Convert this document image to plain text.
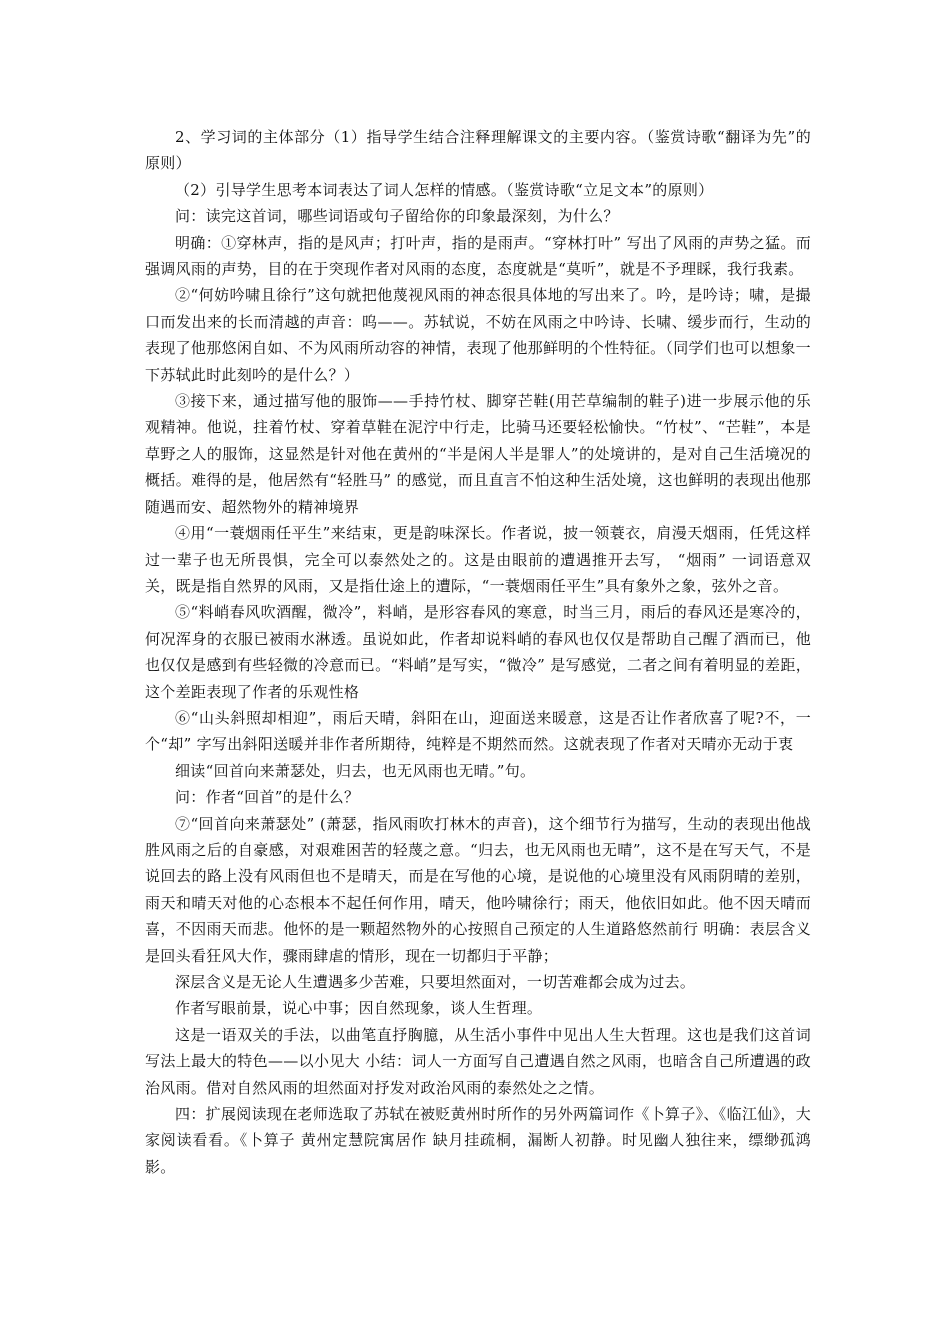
2、学习词的主体部分（1）指导学生结合注释理解课文的主要内容。（鉴赏诗歌“翻译为先”的原则）

（2）引导学生思考本词表达了词人怎样的情感。（鉴赏诗歌“立足文本”的原则）

问：读完这首词，哪些词语或句子留给你的印象最深刻，为什么？

明确：①穿林声，指的是风声；打叶声，指的是雨声。“穿林打叶” 写出了风雨的声势之猛。而强调风雨的声势，目的在于突现作者对风雨的态度，态度就是“莫听”，就是不予理睬，我行我素。

②“何妨吟啸且徐行”这句就把他蔑视风雨的神态很具体地的写出来了。吟，是吟诗；啸，是撮口而发出来的长而清越的声音：呜——。苏轼说，不妨在风雨之中吟诗、长啸、缓步而行，生动的表现了他那悠闲自如、不为风雨所动容的神情，表现了他那鲜明的个性特征。（同学们也可以想象一下苏轼此时此刻吟的是什么？）

③接下来，通过描写他的服饰——手持竹杖、脚穿芒鞋(用芒草编制的鞋子)进一步展示他的乐观精神。他说，拄着竹杖、穿着草鞋在泥泞中行走，比骑马还要轻松愉快。“竹杖”、“芒鞋”，本是草野之人的服饰，这显然是针对他在黄州的“半是闲人半是罪人”的处境讲的，是对自己生活境况的概括。难得的是，他居然有“轻胜马” 的感觉，而且直言不怕这种生活处境，这也鲜明的表现出他那随遇而安、超然物外的精神境界

④用“一蓑烟雨任平生”来结束，更是韵味深长。作者说，披一领蓑衣，肩漫天烟雨，任凭这样过一辈子也无所畏惧，完全可以泰然处之的。这是由眼前的遭遇推开去写， “烟雨” 一词语意双关，既是指自然界的风雨，又是指仕途上的遭际，“一蓑烟雨任平生”具有象外之象，弦外之音。

⑤“料峭春风吹酒醒，微冷”，料峭，是形容春风的寒意，时当三月，雨后的春风还是寒冷的，何况浑身的衣服已被雨水淋透。虽说如此，作者却说料峭的春风也仅仅是帮助自己醒了酒而已，他也仅仅是感到有些轻微的冷意而已。“料峭”是写实，“微冷” 是写感觉，二者之间有着明显的差距，这个差距表现了作者的乐观性格

⑥“山头斜照却相迎”，雨后天晴，斜阳在山，迎面送来暖意，这是否让作者欣喜了呢?不，一个“却” 字写出斜阳送暖并非作者所期待，纯粹是不期然而然。这就表现了作者对天晴亦无动于衷

细读“回首向来萧瑟处，归去，也无风雨也无晴。”句。

问：作者“回首”的是什么？

⑦“回首向来萧瑟处” (萧瑟，指风雨吹打林木的声音)，这个细节行为描写，生动的表现出他战胜风雨之后的自豪感，对艰难困苦的轻蔑之意。“归去，也无风雨也无晴”，这不是在写天气，不是说回去的路上没有风雨但也不是晴天，而是在写他的心境，是说他的心境里没有风雨阴晴的差别，雨天和晴天对他的心态根本不起任何作用，晴天，他吟啸徐行；雨天，他依旧如此。他不因天晴而喜，不因雨天而悲。他怀的是一颗超然物外的心按照自己预定的人生道路悠然前行 明确：表层含义是回头看狂风大作，骤雨肆虐的情形，现在一切都归于平静；

深层含义是无论人生遭遇多少苦难，只要坦然面对，一切苦难都会成为过去。

作者写眼前景，说心中事；因自然现象，谈人生哲理。

这是一语双关的手法，以曲笔直抒胸臆，从生活小事件中见出人生大哲理。这也是我们这首词写法上最大的特色——以小见大 小结：词人一方面写自己遭遇自然之风雨，也暗含自己所遭遇的政治风雨。借对自然风雨的坦然面对抒发对政治风雨的泰然处之之情。

四：扩展阅读现在老师选取了苏轼在被贬黄州时所作的另外两篇词作《卜算子》、《临江仙》，大家阅读看看。《卜算子 黄州定慧院寓居作 缺月挂疏桐，漏断人初静。时见幽人独往来，缥缈孤鸿影。
